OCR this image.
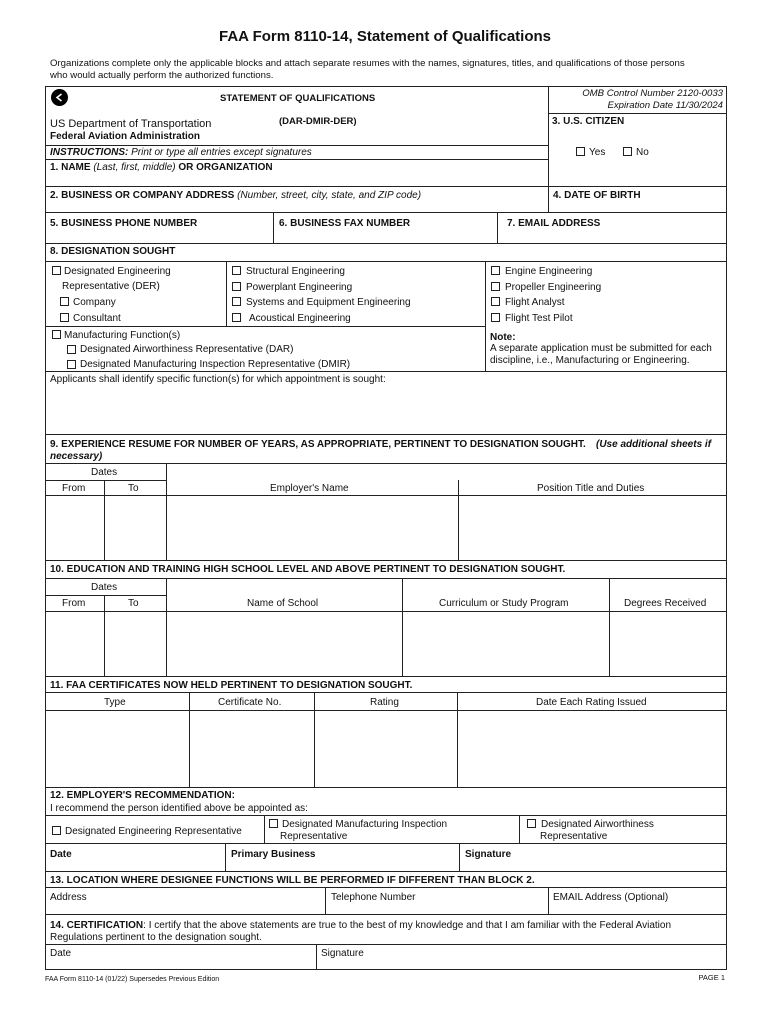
FAA Form 8110-14, Statement of Qualifications
Organizations complete only the applicable blocks and attach separate resumes with the names, signatures, titles, and qualifications of those persons
who would actually perform the authorized functions.
STATEMENT OF QUALIFICATIONS
(DAR-DMIR-DER)
OMB Control Number 2120-0033
Expiration Date 11/30/2024
US Department of Transportation
Federal Aviation Administration
INSTRUCTIONS: Print or type all entries except signatures
1. NAME (Last, first, middle) OR ORGANIZATION
3. U.S. CITIZEN
Yes	No
2. BUSINESS OR COMPANY ADDRESS (Number, street, city, state, and ZIP code)	4. DATE OF BIRTH
5. BUSINESS PHONE NUMBER	6. BUSINESS FAX NUMBER	7. EMAIL ADDRESS
8. DESIGNATION SOUGHT
Designated Engineering
Representative (DER)
Company
Consultant
Structural Engineering
Powerplant Engineering
Systems and Equipment Engineering
Acoustical Engineering
Engine Engineering
Propeller Engineering
Flight Analyst
Flight Test Pilot
Manufacturing Function(s)
Designated Airworthiness Representative (DAR)
Designated Manufacturing Inspection Representative (DMIR)
Note:
A separate application must be submitted for each
discipline, i.e., Manufacturing or Engineering.
Applicants shall identify specific function(s) for which appointment is sought:
9. EXPERIENCE RESUME FOR NUMBER OF YEARS, AS APPROPRIATE, PERTINENT TO DESIGNATION SOUGHT. (Use additional sheets if
necessary)
Dates
From	To	Employer's Name	Position Title and Duties
10. EDUCATION AND TRAINING HIGH SCHOOL LEVEL AND ABOVE PERTINENT TO DESIGNATION SOUGHT.
Dates
From	To	Name of School	Curriculum or Study Program	Degrees Received
11. FAA CERTIFICATES NOW HELD PERTINENT TO DESIGNATION SOUGHT.
Type	Certificate No.	Rating	Date Each Rating Issued
12. EMPLOYER'S RECOMMENDATION:
I recommend the person identified above be appointed as:
Designated Engineering Representative
Designated Manufacturing Inspection
Representative
Designated Airworthiness
Representative
Date	Primary Business	Signature
13. LOCATION WHERE DESIGNEE FUNCTIONS WILL BE PERFORMED IF DIFFERENT THAN BLOCK 2.
Address	Telephone Number	EMAIL Address (Optional)
14. CERTIFICATION: I certify that the above statements are true to the best of my knowledge and that I am familiar with the Federal Aviation
Regulations pertinent to the designation sought.
Date	Signature
FAA Form 8110-14 (01/22) Supersedes Previous Edition	PAGE 1
